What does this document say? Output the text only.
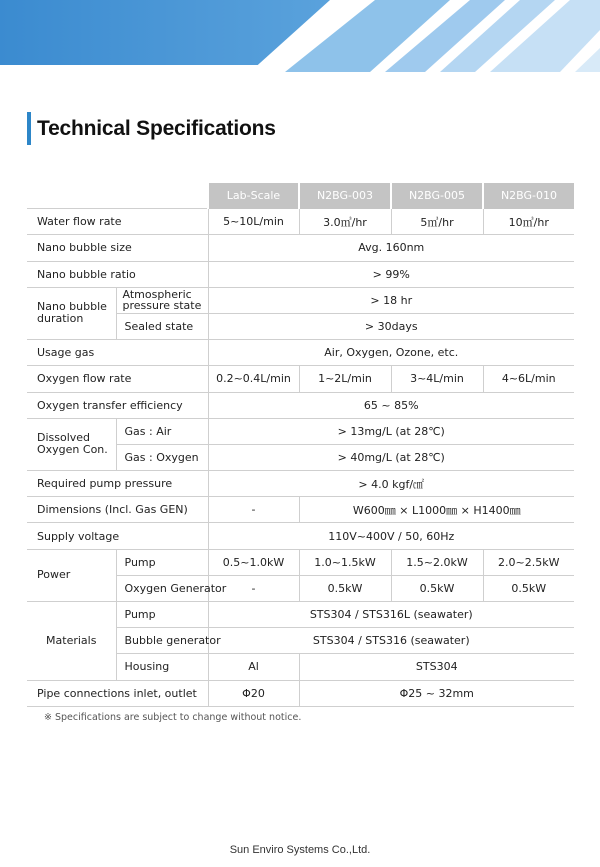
Technical Specifications
		Lab-Scale	N2BG-003	N2BG-005	N2BG-010
Water flow rate		5~10L/min	3.0㎥/hr	5㎥/hr	10㎥/hr
Nano bubble size		Avg. 160nm			
Nano bubble ratio		> 99%			
Nano bubble duration	Atmospheric pressure state	> 18 hr			
	Sealed state	> 30days			
Usage gas		Air, Oxygen, Ozone, etc.			
Oxygen flow rate		0.2~0.4L/min	1~2L/min	3~4L/min	4~6L/min
Oxygen transfer efficiency		65 ~ 85%			
Dissolved Oxygen Con.	Gas : Air	> 13mg/L (at 28℃)			
	Gas : Oxygen	> 40mg/L (at 28℃)			
Required pump pressure		> 4.0 kgf/㎠			
Dimensions (Incl. Gas GEN)		-	W600㎜ × L1000㎜ × H1400㎜		
Supply voltage		110V~400V / 50, 60Hz			
Power	Pump	0.5~1.0kW	1.0~1.5kW	1.5~2.0kW	2.0~2.5kW
	Oxygen Generator	-	0.5kW	0.5kW	0.5kW
Materials	Pump	STS304 / STS316L (seawater)			
	Bubble generator	STS304 / STS316 (seawater)			
	Housing	Al	STS304		
Pipe connections inlet, outlet		Φ20	Φ25 ~ 32mm		
※ Specifications are subject to change without notice.
Sun Enviro Systems Co.,Ltd.
